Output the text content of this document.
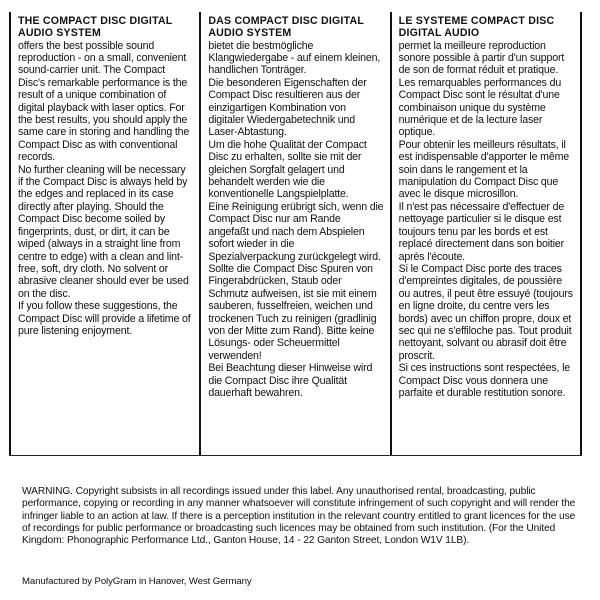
THE COMPACT DISC DIGITAL AUDIO SYSTEM

offers the best possible sound reproduction - on a small, convenient sound-carrier unit. The Compact Disc's remarkable performance is the result of a unique combination of digital playback with laser optics. For the best results, you should apply the same care in storing and handling the Compact Disc as with conventional records.

No further cleaning will be necessary if the Compact Disc is always held by the edges and replaced in its case directly after playing. Should the Compact Disc become soiled by fingerprints, dust, or dirt, it can be wiped (always in a straight line from centre to edge) with a clean and lint-free, soft, dry cloth. No solvent or abrasive cleaner should ever be used on the disc.

If you follow these suggestions, the Compact Disc will provide a lifetime of pure listening enjoyment.

DAS COMPACT DISC DIGITAL AUDIO SYSTEM

bietet die bestmögliche Klangwiedergabe - auf einem kleinen, handlichen Tonträger.

Die besonderen Eigenschaften der Compact Disc resultieren aus der einzigartigen Kombination von digitaler Wiedergabetechnik und Laser-Abtastung.

Um die hohe Qualität der Compact Disc zu erhalten, sollte sie mit der gleichen Sorgfalt gelagert und behandelt werden wie die konventionelle Langspielplatte.

Eine Reinigung erübrigt sich, wenn die Compact Disc nur am Rande angefaßt und nach dem Abspielen sofort wieder in die Spezialverpackung zurückgelegt wird.

Sollte die Compact Disc Spuren von Fingerabdrücken, Staub oder Schmutz aufweisen, ist sie mit einem sauberen, fusselfreien, weichen und trockenen Tuch zu reinigen (gradlinig von der Mitte zum Rand). Bitte keine Lösungs- oder Scheuermittel verwenden!

Bei Beachtung dieser Hinweise wird die Compact Disc ihre Qualität dauerhaft bewahren.

LE SYSTEME COMPACT DISC DIGITAL AUDIO

permet la meilleure reproduction sonore possible à partir d'un support de son de format réduit et pratique.

Les remarquables performances du Compact Disc sont le résultat d'une combinaison unique du système numérique et de la lecture laser optique.

Pour obtenir les meilleurs résultats, il est indispensable d'apporter le même soin dans le rangement et la manipulation du Compact Disc que avec le disque microsillon.

Il n'est pas nécessaire d'effectuer de nettoyage particulier si le disque est toujours tenu par les bords et est replacé directement dans son boitier après l'écoute.

Si le Compact Disc porte des traces d'empreintes digitales, de poussière ou autres, il peut être essuyé (toujours en ligne droite, du centre vers les bords) avec un chiffon propre, doux et sec qui ne s'effiloche pas. Tout produit nettoyant, solvant ou abrasif doit être proscrit.

Si ces instructions sont respectées, le Compact Disc vous donnera une parfaite et durable restitution sonore.

WARNING. Copyright subsists in all recordings issued under this label. Any unauthorised rental, broadcasting, public performance, copying or recording in any manner whatsoever will constitute infringement of such copyright and will render the infringer liable to an action at law. If there is a perception institution in the relevant country entitled to grant licences for the use of recordings for public performance or broadcasting such licences may be obtained from such institution. (For the United Kingdom: Phonographic Performance Ltd., Ganton House, 14 - 22 Ganton Street, London W1V 1LB).

Manufactured by PolyGram in Hanover, West Germany
